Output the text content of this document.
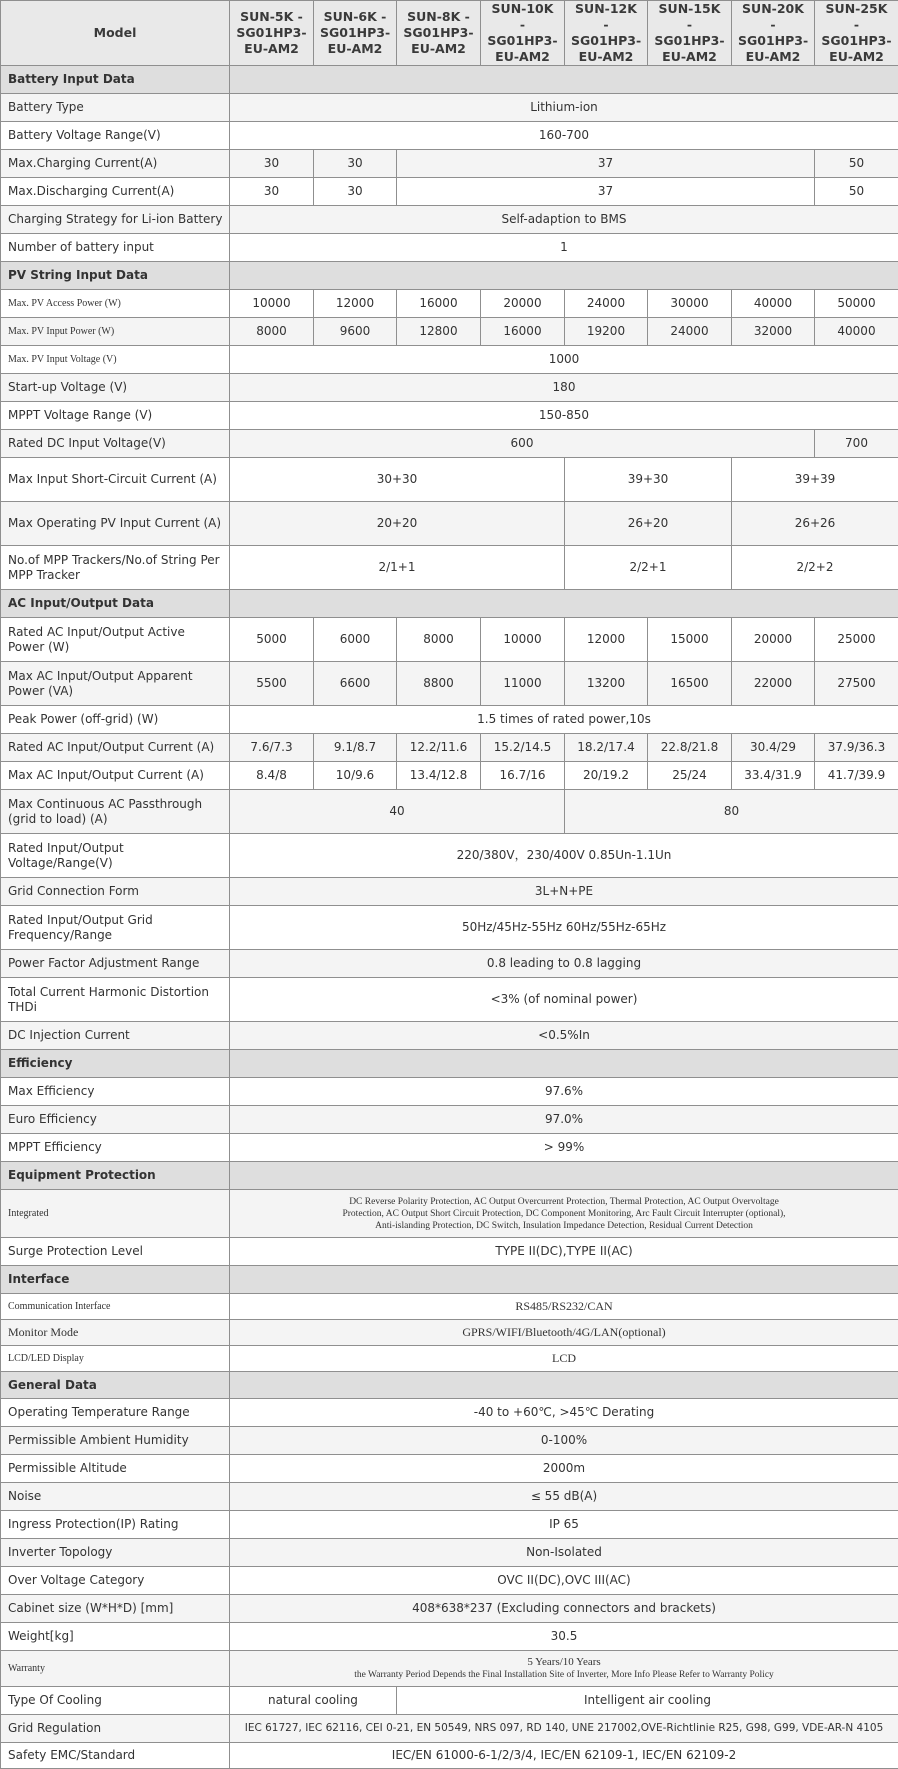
Model	SUN-5K - SG01HP3-EU-AM2	SUN-6K - SG01HP3-EU-AM2	SUN-8K - SG01HP3-EU-AM2	SUN-10K - SG01HP3-EU-AM2	SUN-12K - SG01HP3-EU-AM2	SUN-15K - SG01HP3-EU-AM2	SUN-20K - SG01HP3-EU-AM2	SUN-25K - SG01HP3-EU-AM2
Battery Input Data								
Battery Type	Lithium-ion							
Battery Voltage Range(V)	160-700							
Max.Charging Current(A)	30	30	37					50
Max.Discharging Current(A)	30	30	37					50
Charging Strategy for Li-ion Battery	Self-adaption to BMS							
Number of battery input	1							
PV String Input Data								
Max. PV Access Power (W)	10000	12000	16000	20000	24000	30000	40000	50000
Max. PV Input Power (W)	8000	9600	12800	16000	19200	24000	32000	40000
Max. PV Input Voltage (V)	1000							
Start-up Voltage (V)	180							
MPPT Voltage Range (V)	150-850							
Rated DC Input Voltage(V)	600							700
Max Input Short-Circuit Current (A)	30+30				39+30		39+39	
Max Operating PV Input Current (A)	20+20				26+20		26+26	
No.of MPP Trackers/No.of String Per MPP Tracker	2/1+1				2/2+1		2/2+2	
AC Input/Output Data								
Rated AC Input/Output Active Power (W)	5000	6000	8000	10000	12000	15000	20000	25000
Max AC Input/Output Apparent Power (VA)	5500	6600	8800	11000	13200	16500	22000	27500
Peak Power (off-grid) (W)	1.5 times of rated power,10s							
Rated AC Input/Output Current (A)	7.6/7.3	9.1/8.7	12.2/11.6	15.2/14.5	18.2/17.4	22.8/21.8	30.4/29	37.9/36.3
Max AC Input/Output Current (A)	8.4/8	10/9.6	13.4/12.8	16.7/16	20/19.2	25/24	33.4/31.9	41.7/39.9
Max Continuous AC Passthrough (grid to load) (A)	40				80			
Rated Input/Output Voltage/Range(V)	220/380V，230/400V 0.85Un-1.1Un							
Grid Connection Form	3L+N+PE							
Rated Input/Output Grid Frequency/Range	50Hz/45Hz-55Hz 60Hz/55Hz-65Hz							
Power Factor Adjustment Range	0.8 leading to 0.8 lagging							
Total Current Harmonic Distortion THDi	<3% (of nominal power)							
DC Injection Current	<0.5%In							
Efficiency								
Max Efficiency	97.6%							
Euro Efficiency	97.0%							
MPPT Efficiency	> 99%							
Equipment Protection								
Integrated	DC Reverse Polarity Protection, AC Output Overcurrent Protection, Thermal Protection, AC Output Overvoltage
Protection, AC Output Short Circuit Protection, DC Component Monitoring, Arc Fault Circuit Interrupter (optional),
Anti-islanding Protection, DC Switch, Insulation Impedance Detection, Residual Current Detection							

Surge Protection Level	TYPE II(DC),TYPE II(AC)							
Interface								
Communication Interface	RS485/RS232/CAN							
Monitor Mode	GPRS/WIFI/Bluetooth/4G/LAN(optional)							
LCD/LED Display	LCD							
General Data								
Operating Temperature Range	-40 to +60℃, >45℃ Derating							
Permissible Ambient Humidity	0-100%							
Permissible Altitude	2000m							
Noise	≤ 55 dB(A)							
Ingress Protection(IP) Rating	IP 65							
Inverter Topology	Non-Isolated							
Over Voltage Category	OVC II(DC),OVC III(AC)							
Cabinet size (W*H*D) [mm]	408*638*237 (Excluding connectors and brackets)							
Weight[kg]	30.5							
Warranty	5 Years/10 Years
the Warranty Period Depends the Final Installation Site of Inverter, More Info Please Refer to Warranty Policy							

Type Of Cooling	natural cooling		Intelligent air cooling					
Grid Regulation	IEC 61727, IEC 62116, CEI 0-21, EN 50549, NRS 097, RD 140, UNE 217002,OVE-Richtlinie R25, G98, G99, VDE-AR-N 4105							
Safety EMC/Standard	IEC/EN 61000-6-1/2/3/4, IEC/EN 62109-1, IEC/EN 62109-2							
